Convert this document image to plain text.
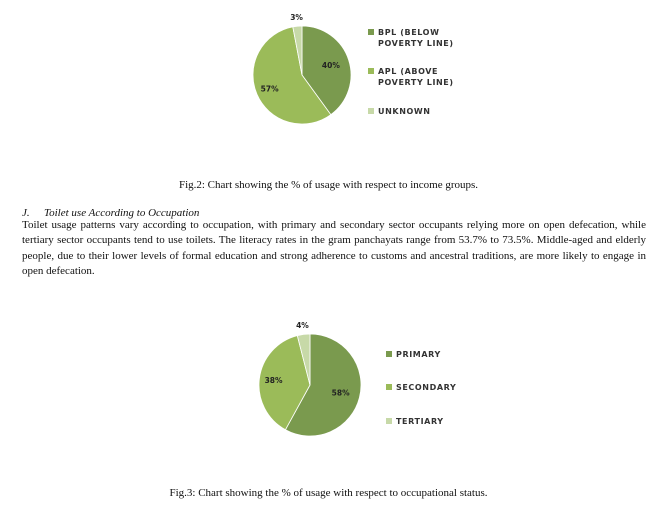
40%
57%
3%
BPL (BELOW
POVERTY LINE)
APL (ABOVE
POVERTY LINE)
UNKNOWN
Fig.2: Chart showing the % of usage with respect to income groups.
J. Toilet use According to Occupation

Toilet usage patterns vary according to occupation, with primary and secondary sector occupants relying more on open defecation, while tertiary sector occupants tend to use toilets. The literacy rates in the gram panchayats range from 53.7% to 73.5%. Middle-aged and elderly people, due to their lower levels of formal education and strong adherence to customs and ancestral traditions, are more likely to engage in open defecation.

58%
38%
4%
PRIMARY
SECONDARY
TERTIARY
Fig.3: Chart showing the % of usage with respect to occupational status.
